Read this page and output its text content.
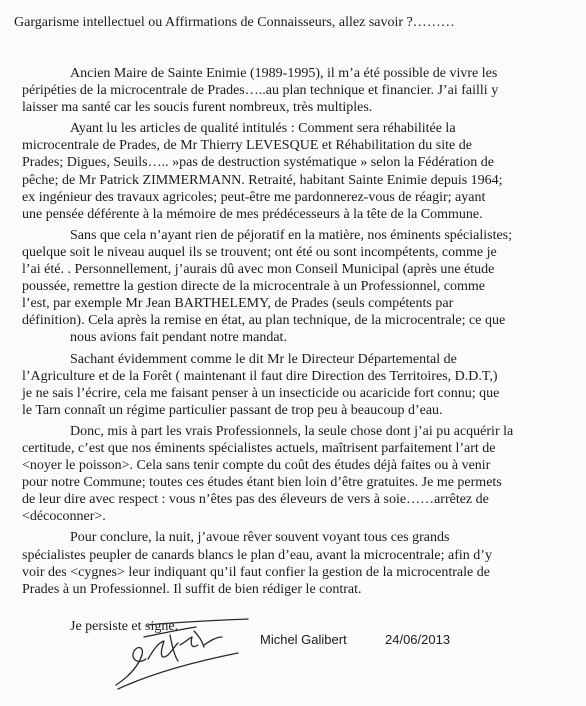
Gargarisme intellectuel ou Affirmations de Connaisseurs, allez savoir ?………

Ancien Maire de Sainte Enimie (1989-1995), il m’a été possible de vivre les
péripéties de la microcentrale de Prades…..au plan technique et financier. J’ai failli y
laisser ma santé car les soucis furent nombreux, très multiples.

Ayant lu les articles de qualité intitulés : Comment sera réhabilitée la
microcentrale de Prades, de Mr Thierry LEVESQUE et Réhabilitation du site de
Prades; Digues, Seuils….. »pas de destruction systématique » selon la Fédération de
pêche; de Mr Patrick ZIMMERMANN. Retraité, habitant Sainte Enimie depuis 1964;
ex ingénieur des travaux agricoles; peut-être me pardonnerez-vous de réagir; ayant
une pensée déférente à la mémoire de mes prédécesseurs à la tête de la Commune.

Sans que cela n’ayant rien de péjoratif en la matière, nos éminents spécialistes;
quelque soit le niveau auquel ils se trouvent; ont été ou sont incompétents, comme je
l’ai été. . Personnellement, j’aurais dû avec mon Conseil Municipal (après une étude
poussée, remettre la gestion directe de la microcentrale à un Professionnel, comme
l’est, par exemple Mr Jean BARTHELEMY, de Prades (seuls compétents par
définition). Cela après la remise en état, au plan technique, de la microcentrale; ce que
nous avions fait pendant notre mandat.

Sachant évidemment comme le dit Mr le Directeur Départemental de
l’Agriculture et de la Forêt ( maintenant il faut dire Direction des Territoires, D.D.T,)
je ne sais l’écrire, cela me faisant penser à un insecticide ou acaricide fort connu; que
le Tarn connaît un régime particulier passant de trop peu à beaucoup d’eau.

Donc, mis à part les vrais Professionnels, la seule chose dont j’ai pu acquérir la
certitude, c’est que nos éminents spécialistes actuels, maîtrisent parfaitement l’art de
<noyer le poisson>. Cela sans tenir compte du coût des études déjà faites ou à venir
pour notre Commune; toutes ces études étant bien loin d’être gratuites. Je me permets
de leur dire avec respect : vous n’êtes pas des éleveurs de vers à soie……arrêtez de
<décoconner>.

Pour conclure, la nuit, j’avoue rêver souvent voyant tous ces grands
spécialistes peupler de canards blancs le plan d’eau, avant la microcentrale; afin d’y
voir des <cygnes> leur indiquant qu’il faut confier la gestion de la microcentrale de
Prades à un Professionnel. Il suffit de bien rédiger le contrat.

Je persiste et signe.
Michel Galibert	24/06/2013
